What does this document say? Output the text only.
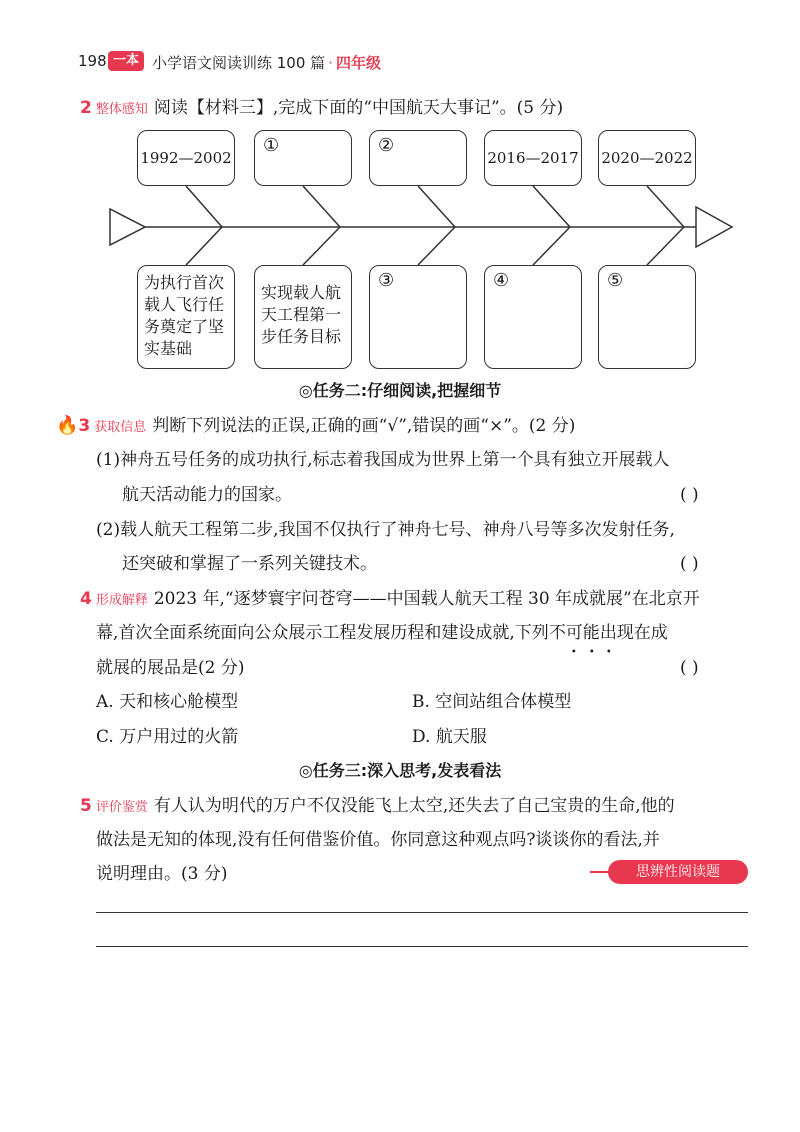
198 一本 小学语文阅读训练 100 篇 · 四年级
2 整体感知 阅读【材料三】,完成下面的“中国航天大事记”。(5 分)
1992—2002
①	②
2016—2017 2020—2022
为执行首次载人飞行任务奠定了坚实基础
实现载人航天工程第一步任务目标
③	④	⑤
◎任务二:仔细阅读,把握细节
🔥3 获取信息 判断下列说法的正误,正确的画“√”,错误的画“×”。(2 分)
(1)神舟五号任务的成功执行,标志着我国成为世界上第一个具有独立开展载人
航天活动能力的国家。	( )
(2)载人航天工程第二步,我国不仅执行了神舟七号、神舟八号等多次发射任务,
还突破和掌握了一系列关键技术。	( )
4 形成解释 2023 年,“逐梦寰宇问苍穹——中国载人航天工程 30 年成就展”在北京开
幕,首次全面系统面向公众展示工程发展历程和建设成就,下列不可能
• • •
出现在成
就展的展品是(2 分)	( )
A. 天和核心舱模型	B. 空间站组合体模型
C. 万户用过的火箭	D. 航天服
◎任务三:深入思考,发表看法
5 评价鉴赏 有人认为明代的万户不仅没能飞上太空,还失去了自己宝贵的生命,他的
做法是无知的体现,没有任何借鉴价值。你同意这种观点吗?谈谈你的看法,并
说明理由。(3 分)	思辨性阅读题
